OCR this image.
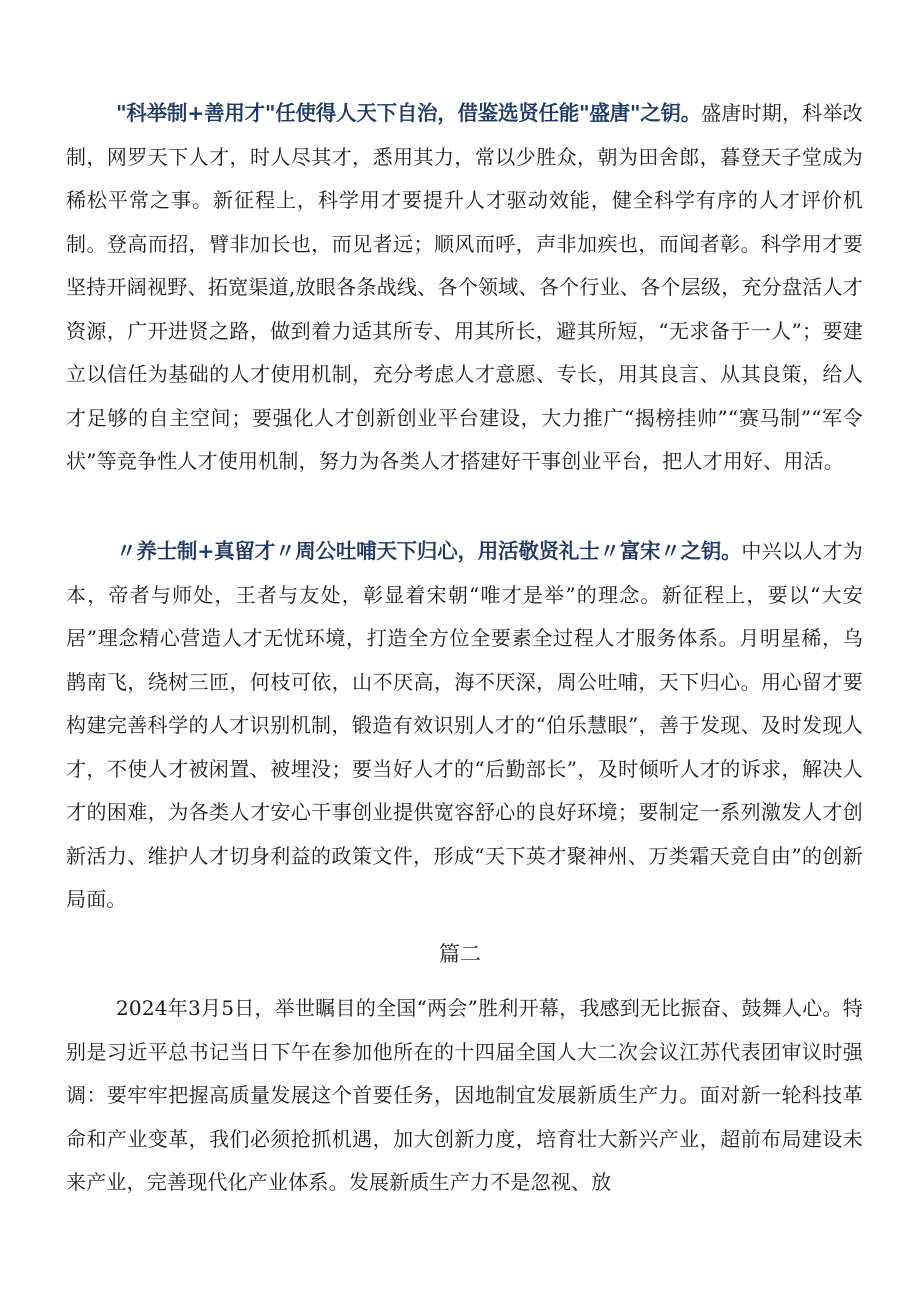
"科举制+善用才"任使得人天下自治，借鉴选贤任能"盛唐"之钥。盛唐时期，科举改制，网罗天下人才，时人尽其才，悉用其力，常以少胜众，朝为田舍郎，暮登天子堂成为稀松平常之事。新征程上，科学用才要提升人才驱动效能，健全科学有序的人才评价机制。登高而招，臂非加长也，而见者远；顺风而呼，声非加疾也，而闻者彰。科学用才要坚持开阔视野、拓宽渠道,放眼各条战线、各个领域、各个行业、各个层级，充分盘活人才资源，广开进贤之路，做到着力适其所专、用其所长，避其所短，“无求备于一人”；要建立以信任为基础的人才使用机制，充分考虑人才意愿、专长，用其良言、从其良策，给人才足够的自主空间；要强化人才创新创业平台建设，大力推广“揭榜挂帅”“赛马制”“军令状”等竞争性人才使用机制，努力为各类人才搭建好干事创业平台，把人才用好、用活。

〃养士制+真留才〃周公吐哺天下归心，用活敬贤礼士〃富宋〃之钥。中兴以人才为本，帝者与师处，王者与友处，彰显着宋朝“唯才是举”的理念。新征程上，要以“大安居”理念精心营造人才无忧环境，打造全方位全要素全过程人才服务体系。月明星稀，乌鹊南飞，绕树三匝，何枝可依，山不厌高，海不厌深，周公吐哺，天下归心。用心留才要构建完善科学的人才识别机制，锻造有效识别人才的“伯乐慧眼”，善于发现、及时发现人才，不使人才被闲置、被埋没；要当好人才的“后勤部长”，及时倾听人才的诉求，解决人才的困难，为各类人才安心干事创业提供宽容舒心的良好环境；要制定一系列激发人才创新活力、维护人才切身利益的政策文件，形成“天下英才聚神州、万类霜天竞自由”的创新局面。

篇二

2024年3月5日，举世瞩目的全国“两会”胜利开幕，我感到无比振奋、鼓舞人心。特别是习近平总书记当日下午在参加他所在的十四届全国人大二次会议江苏代表团审议时强调：要牢牢把握高质量发展这个首要任务，因地制宜发展新质生产力。面对新一轮科技革命和产业变革，我们必须抢抓机遇，加大创新力度，培育壮大新兴产业，超前布局建设未来产业，完善现代化产业体系。发展新质生产力不是忽视、放
